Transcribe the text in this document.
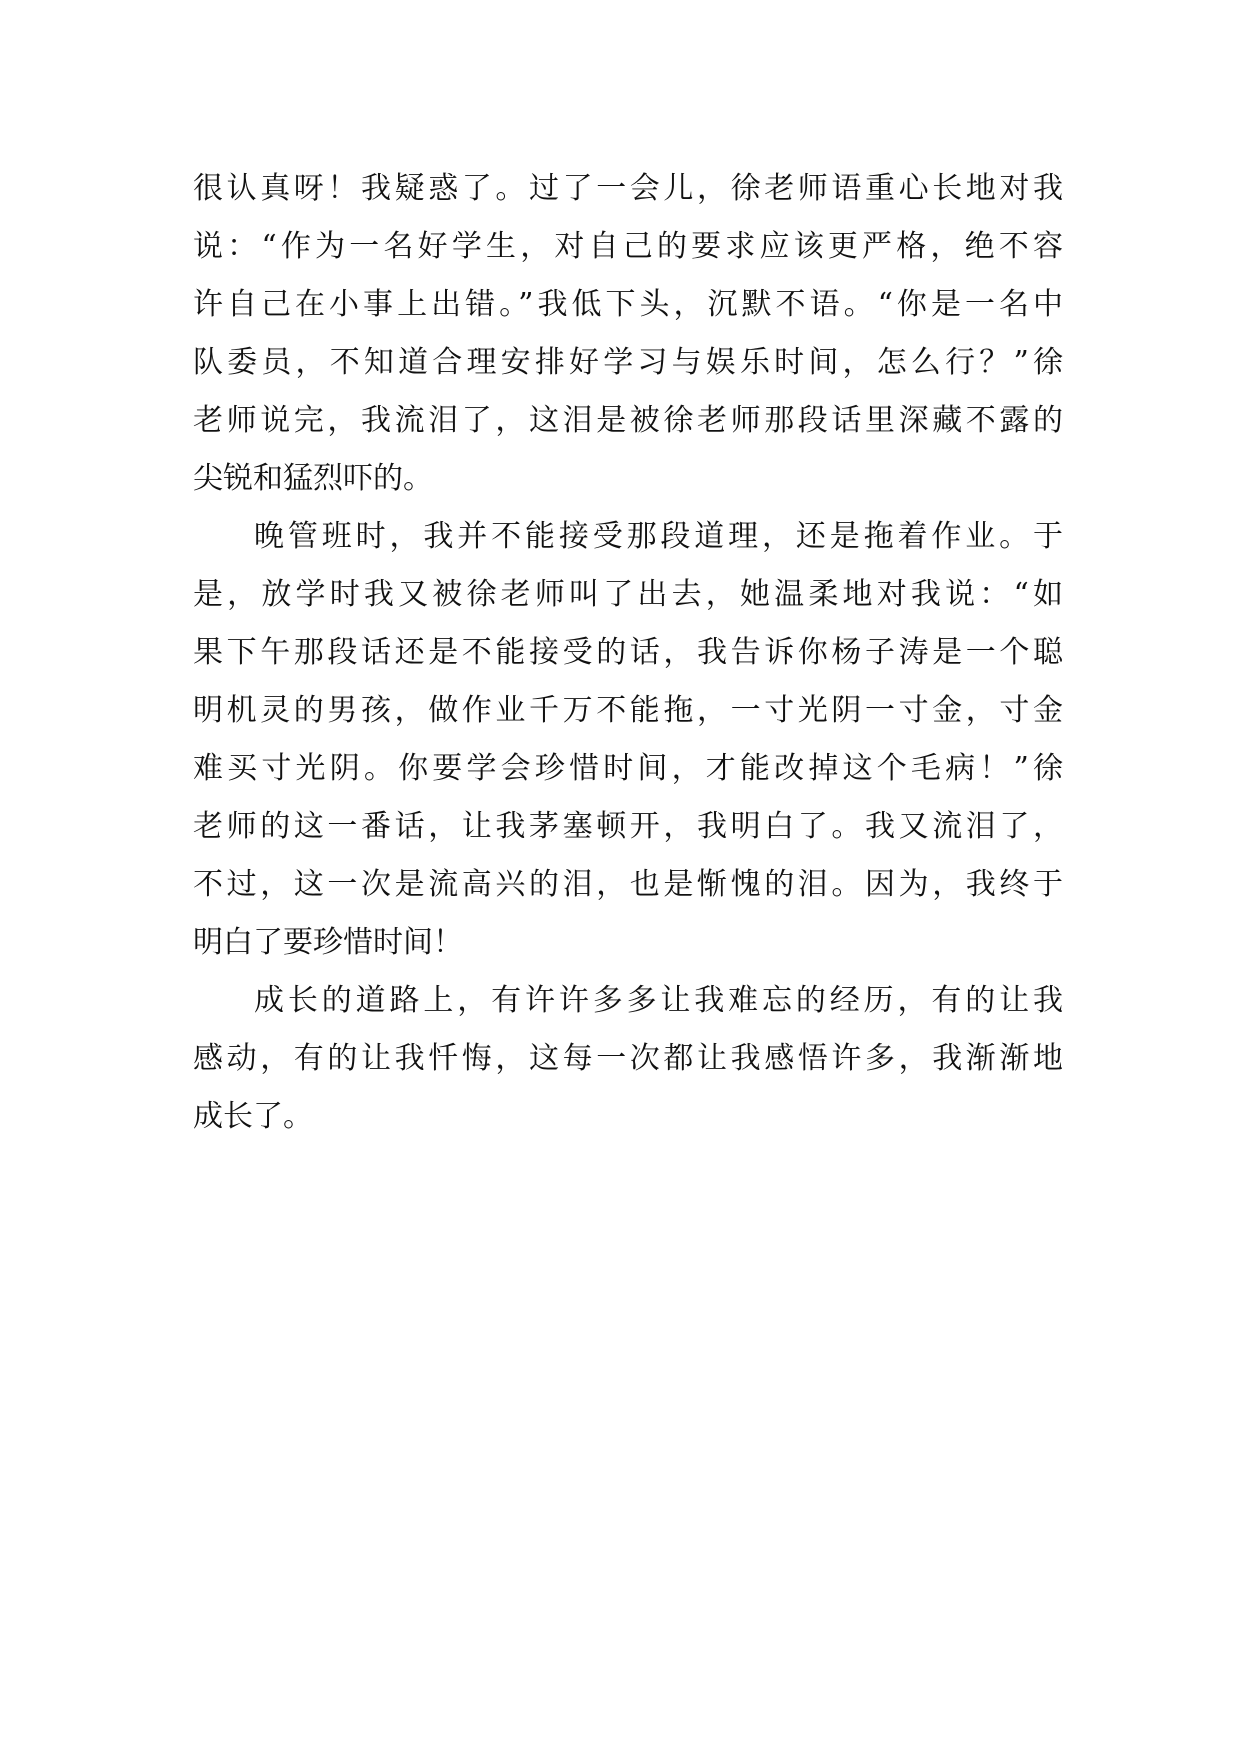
很认真呀！我疑惑了。过了一会儿，徐老师语重心长地对我
说：“作为一名好学生，对自己的要求应该更严格，绝不容
许自己在小事上出错。”我低下头，沉默不语。“你是一名中
队委员，不知道合理安排好学习与娱乐时间，怎么行？”徐
老师说完，我流泪了，这泪是被徐老师那段话里深藏不露的
尖锐和猛烈吓的。
晚管班时，我并不能接受那段道理，还是拖着作业。于
是，放学时我又被徐老师叫了出去，她温柔地对我说：“如
果下午那段话还是不能接受的话，我告诉你杨子涛是一个聪
明机灵的男孩，做作业千万不能拖，一寸光阴一寸金，寸金
难买寸光阴。你要学会珍惜时间，才能改掉这个毛病！”徐
老师的这一番话，让我茅塞顿开，我明白了。我又流泪了，
不过，这一次是流高兴的泪，也是惭愧的泪。因为，我终于
明白了要珍惜时间！
成长的道路上，有许许多多让我难忘的经历，有的让我
感动，有的让我忏悔，这每一次都让我感悟许多，我渐渐地
成长了。
